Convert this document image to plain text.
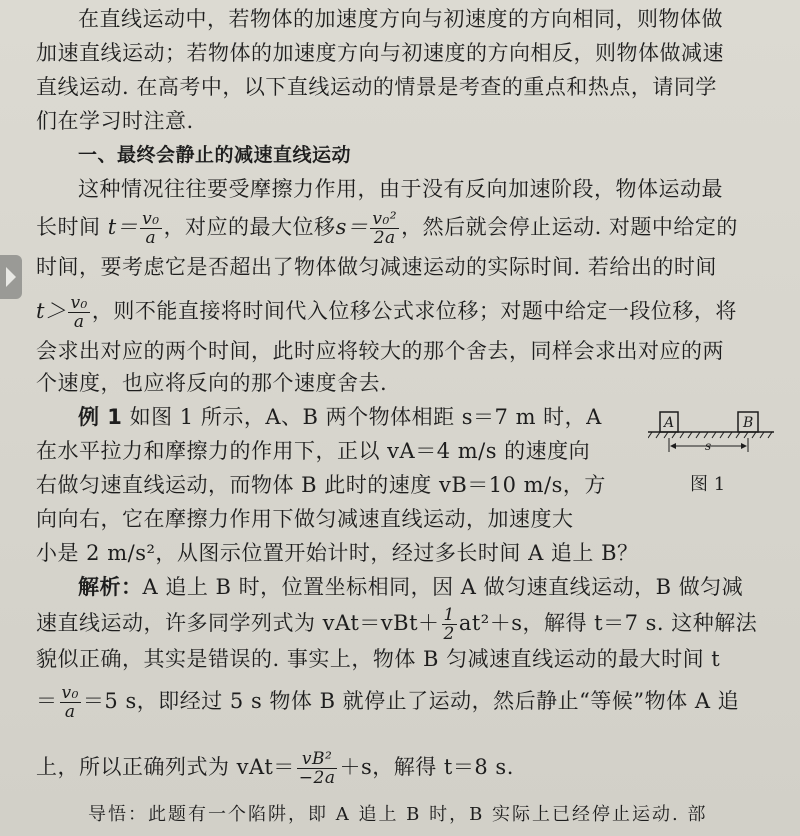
在直线运动中，若物体的加速度方向与初速度的方向相同，则物体做
加速直线运动；若物体的加速度方向与初速度的方向相反，则物体做减速
直线运动. 在高考中，以下直线运动的情景是考查的重点和热点，请同学
们在学习时注意.
一、最终会静止的减速直线运动
这种情况往往要受摩擦力作用，由于没有反向加速阶段，物体运动最
长时间 $t= \frac{\text{v₀}}{a}$ ，对应的最大位移$s= \frac{\text{v₀²}}{2a}$ ，然后就会停止运动. 对题中给定的
时间，要考虑它是否超出了物体做匀减速运动的实际时间. 若给出的时间
$t> \frac{\text{v₀}}{a}$ ，则不能直接将时间代入位移公式求位移；对题中给定一段位移，将
会求出对应的两个时间，此时应将较大的那个舍去，同样会求出对应的两
个速度，也应将反向的那个速度舍去.
例 1 如图 1 所示，A、B 两个物体相距 s＝7 m 时，A
在水平拉力和摩擦力的作用下，正以 vA＝4 m/s 的速度向
右做匀速直线运动，而物体 B 此时的速度 vB＝10 m/s，方
向向右，它在摩擦力作用下做匀减速直线运动，加速度大
小是 2 m/s²，从图示位置开始计时，经过多长时间 A 追上 B？
A	B
s
图 1
解析：A 追上 B 时，位置坐标相同，因 A 做匀速直线运动，B 做匀减
速直线运动，许多同学列式为 $vAt=vBt+ \frac{1}{2} at^2+s$，解得 t＝7 s. 这种解法
貌似正确，其实是错误的. 事实上，物体 B 匀减速直线运动的最大时间 t
＝ $\frac{\text{v₀}}{a} =5$ s，即经过 5 s 物体 B 就停止了运动，然后静止“等候”物体 A 追
上，所以正确列式为 $vAt= \frac{\text{vB²}}{-2a} +s$，解得 t＝8 s.
导悟：此题有一个陷阱，即 A 追上 B 时，B 实际上已经停止运动. 部
